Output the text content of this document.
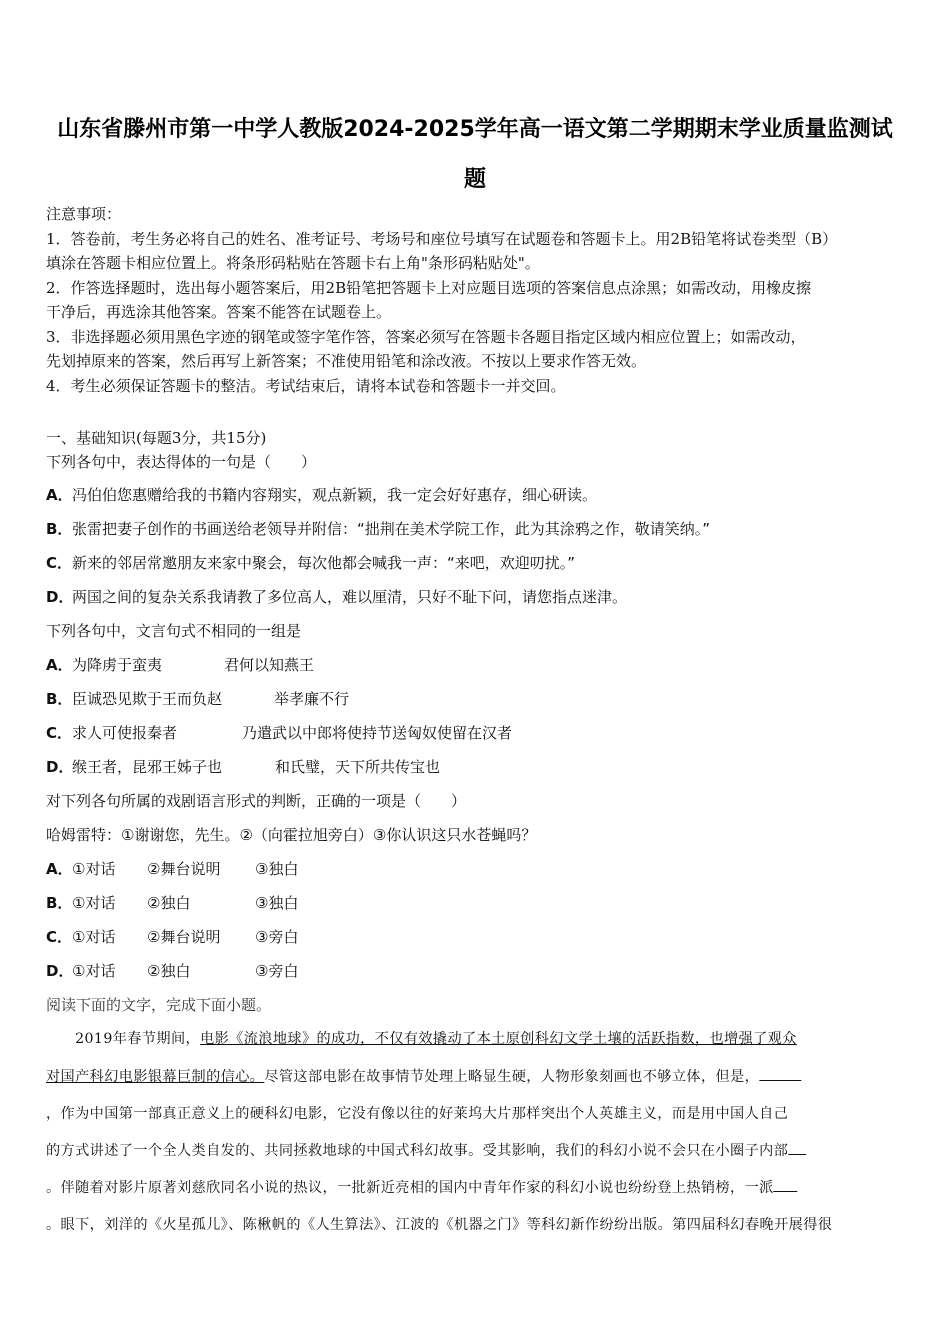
山东省滕州市第一中学人教版2024-2025学年高一语文第二学期期末学业质量监测试
题
注意事项：
1．答卷前，考生务必将自己的姓名、准考证号、考场号和座位号填写在试题卷和答题卡上。用2B铅笔将试卷类型（B）
填涂在答题卡相应位置上。将条形码粘贴在答题卡右上角"条形码粘贴处"。
2．作答选择题时，选出每小题答案后，用2B铅笔把答题卡上对应题目选项的答案信息点涂黑；如需改动，用橡皮擦
干净后，再选涂其他答案。答案不能答在试题卷上。
3．非选择题必须用黑色字迹的钢笔或签字笔作答，答案必须写在答题卡各题目指定区域内相应位置上；如需改动，
先划掉原来的答案，然后再写上新答案；不准使用铅笔和涂改液。不按以上要求作答无效。
4．考生必须保证答题卡的整洁。考试结束后，请将本试卷和答题卡一并交回。
一、基础知识(每题3分，共15分)
下列各句中，表达得体的一句是（　　）
A．冯伯伯您惠赠给我的书籍内容翔实，观点新颖，我一定会好好惠存，细心研读。
B．张雷把妻子创作的书画送给老领导并附信：“拙荆在美术学院工作，此为其涂鸦之作，敬请笑纳。”
C．新来的邻居常邀朋友来家中聚会，每次他都会喊我一声：“来吧，欢迎叨扰。”
D．两国之间的复杂关系我请教了多位高人，难以厘清，只好不耻下问，请您指点迷津。
下列各句中，文言句式不相同的一组是
A．为降虏于蛮夷	君何以知燕王
B．臣诚恐见欺于王而负赵	举孝廉不行
C．求人可使报秦者	乃遣武以中郎将使持节送匈奴使留在汉者
D．缑王者，昆邪王姊子也	和氏璧，天下所共传宝也
对下列各句所属的戏剧语言形式的判断，正确的一项是（　　）
哈姆雷特：①谢谢您，先生。②（向霍拉旭旁白）③你认识这只水苍蝇吗？
A．①对话 ②舞台说明 ③独白
B．①对话 ②独白	③独白
C．①对话 ②舞台说明 ③旁白
D．①对话 ②独白	③旁白
阅读下面的文字，完成下面小题。
　　2019年春节期间，电影《流浪地球》的成功，不仅有效撬动了本土原创科幻文学土壤的活跃指数，也增强了观众
对国产科幻电影银幕巨制的信心。尽管这部电影在故事情节处理上略显生硬，人物形象刻画也不够立体，但是，
，作为中国第一部真正意义上的硬科幻电影，它没有像以往的好莱坞大片那样突出个人英雄主义，而是用中国人自己
的方式讲述了一个全人类自发的、共同拯救地球的中国式科幻故事。受其影响，我们的科幻小说不会只在小圈子内部
。伴随着对影片原著刘慈欣同名小说的热议，一批新近亮相的国内中青年作家的科幻小说也纷纷登上热销榜，一派
。眼下，刘洋的《火星孤儿》、陈楸帆的《人生算法》、江波的《机器之门》等科幻新作纷纷出版。第四届科幻春晚开展得很
